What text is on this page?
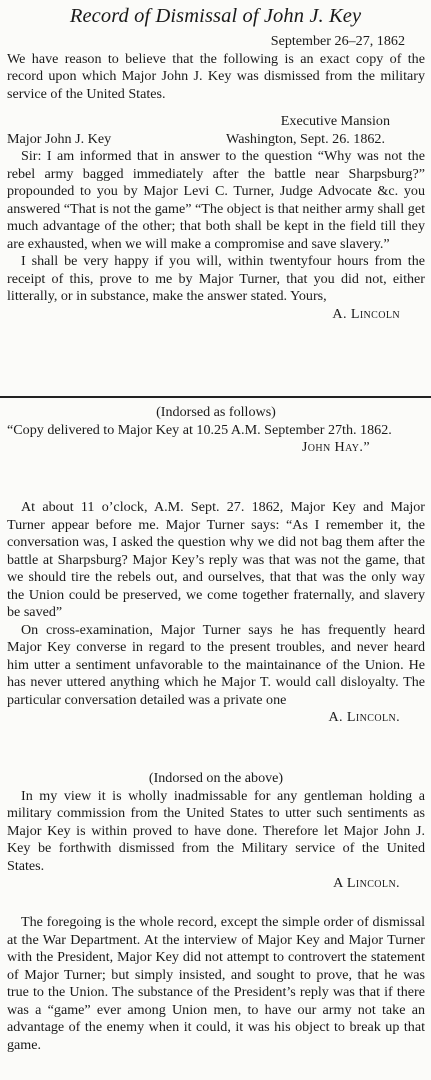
Record of Dismissal of John J. Key

September 26–27, 1862

We have reason to believe that the following is an exact copy of the record upon which Major John J. Key was dismissed from the military service of the United States.

Executive Mansion

Major John J. Key	Washington, Sept. 26. 1862.

Sir: I am informed that in answer to the question “Why was not the rebel army bagged immediately after the battle near Sharpsburg?” propounded to you by Major Levi C. Turner, Judge Advocate &c. you answered “That is not the game” “The object is that neither army shall get much advantage of the other; that both shall be kept in the field till they are exhausted, when we will make a compromise and save slavery.”

I shall be very happy if you will, within twentyfour hours from the receipt of this, prove to me by Major Turner, that you did not, either litterally, or in substance, make the answer stated. Yours,

A. Lincoln

(Indorsed as follows)

“Copy delivered to Major Key at 10.25 A.M. September 27th. 1862.

John Hay.”

At about 11 o’clock, A.M. Sept. 27. 1862, Major Key and Major Turner appear before me. Major Turner says: “As I remember it, the conversation was, I asked the question why we did not bag them after the battle at Sharpsburg? Major Key’s reply was that was not the game, that we should tire the rebels out, and ourselves, that that was the only way the Union could be preserved, we come together fraternally, and slavery be saved”

On cross-examination, Major Turner says he has frequently heard Major Key converse in regard to the present troubles, and never heard him utter a sentiment unfavorable to the maintainance of the Union. He has never uttered anything which he Major T. would call disloyalty. The particular conversation detailed was a private one

A. Lincoln.

(Indorsed on the above)

In my view it is wholly inadmissable for any gentleman holding a military commission from the United States to utter such sentiments as Major Key is within proved to have done. Therefore let Major John J. Key be forthwith dismissed from the Military service of the United States.

A Lincoln.

The foregoing is the whole record, except the simple order of dismissal at the War Department. At the interview of Major Key and Major Turner with the President, Major Key did not attempt to controvert the statement of Major Turner; but simply insisted, and sought to prove, that he was true to the Union. The substance of the President’s reply was that if there was a “game” ever among Union men, to have our army not take an advantage of the enemy when it could, it was his object to break up that game.
